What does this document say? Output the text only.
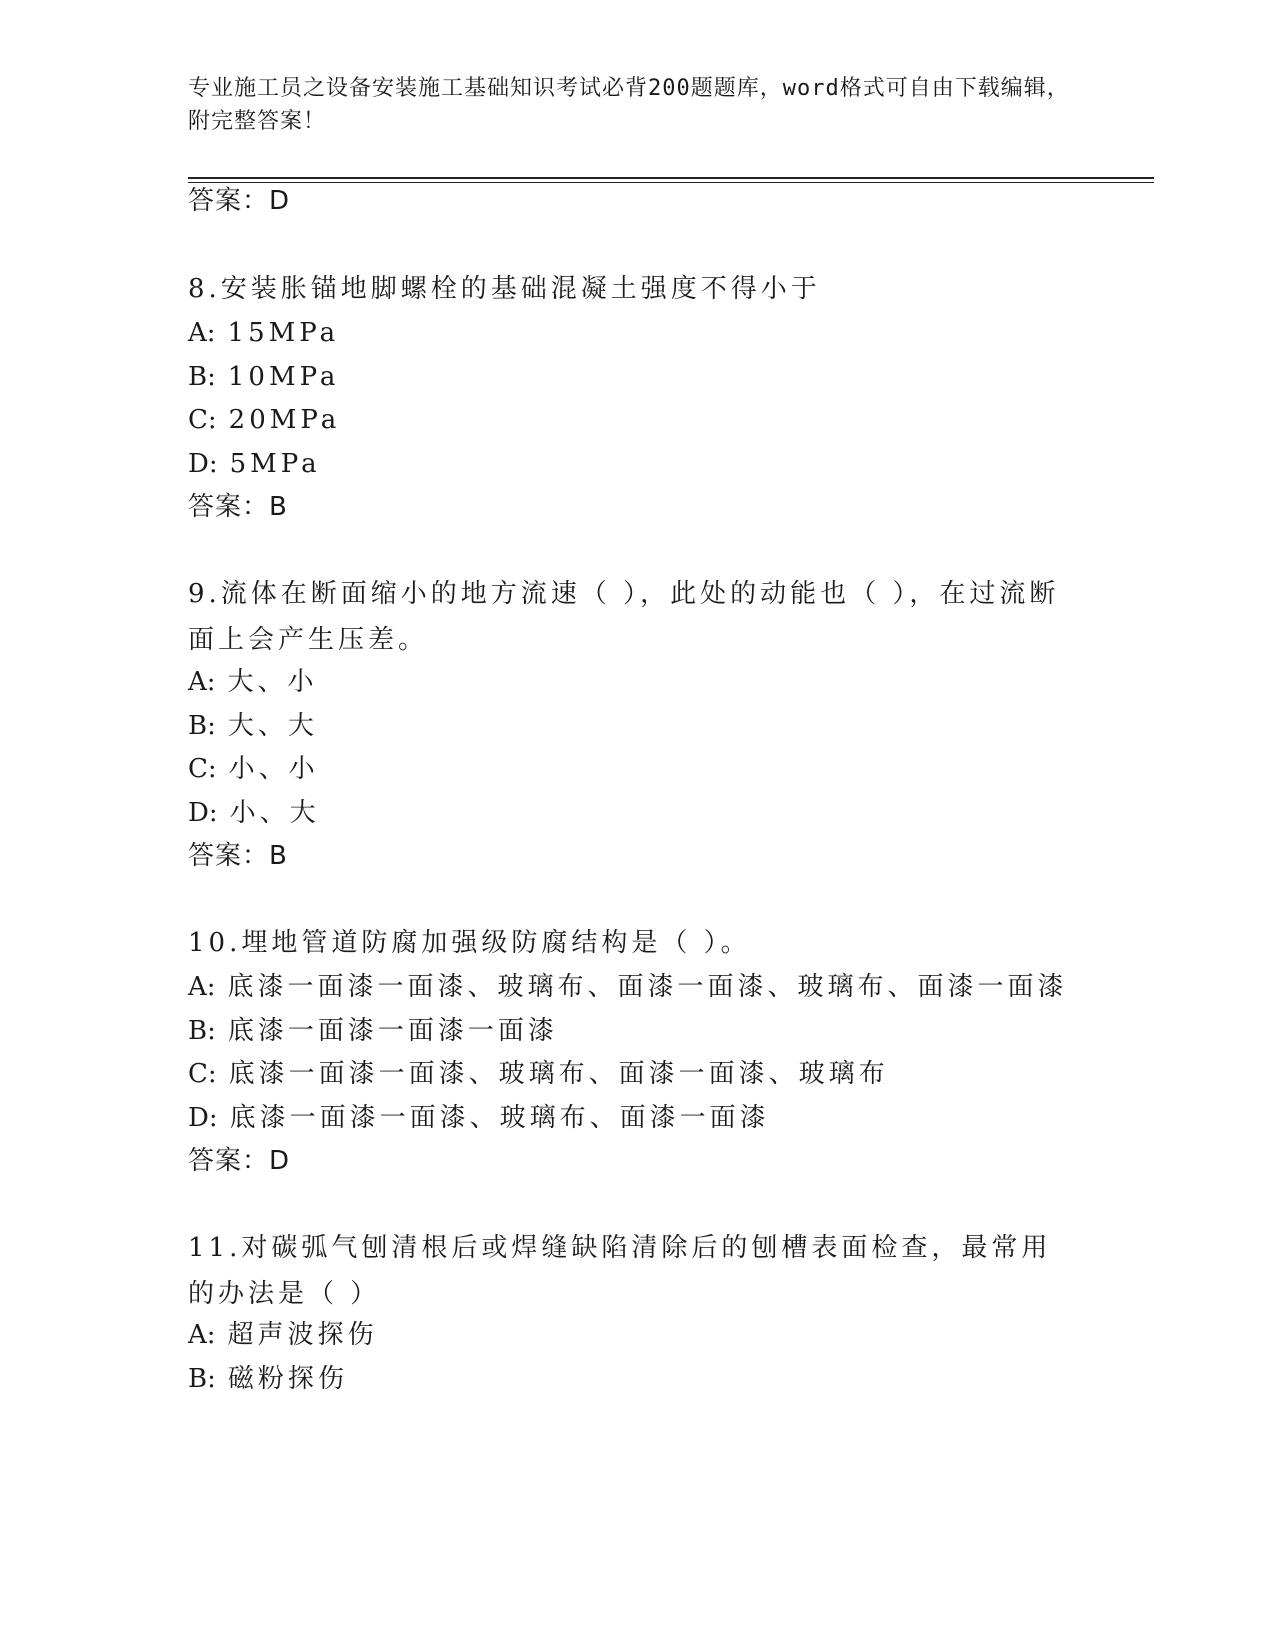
专业施工员之设备安装施工基础知识考试必背200题题库，word格式可自由下载编辑，附完整答案！
答案：D
8.安装胀锚地脚螺栓的基础混凝土强度不得小于
A: 15MPa
B: 10MPa
C: 20MPa
D: 5MPa
答案：B
9.流体在断面缩小的地方流速（ ），此处的动能也（ ），在过流断面上会产生压差。
A: 大、小
B: 大、大
C: 小、小
D: 小、大
答案：B
10.埋地管道防腐加强级防腐结构是（ ）。
A: 底漆一面漆一面漆、玻璃布、面漆一面漆、玻璃布、面漆一面漆
B: 底漆一面漆一面漆一面漆
C: 底漆一面漆一面漆、玻璃布、面漆一面漆、玻璃布
D: 底漆一面漆一面漆、玻璃布、面漆一面漆
答案：D
11.对碳弧气刨清根后或焊缝缺陷清除后的刨槽表面检查，最常用的办法是（ ）
A: 超声波探伤
B: 磁粉探伤
